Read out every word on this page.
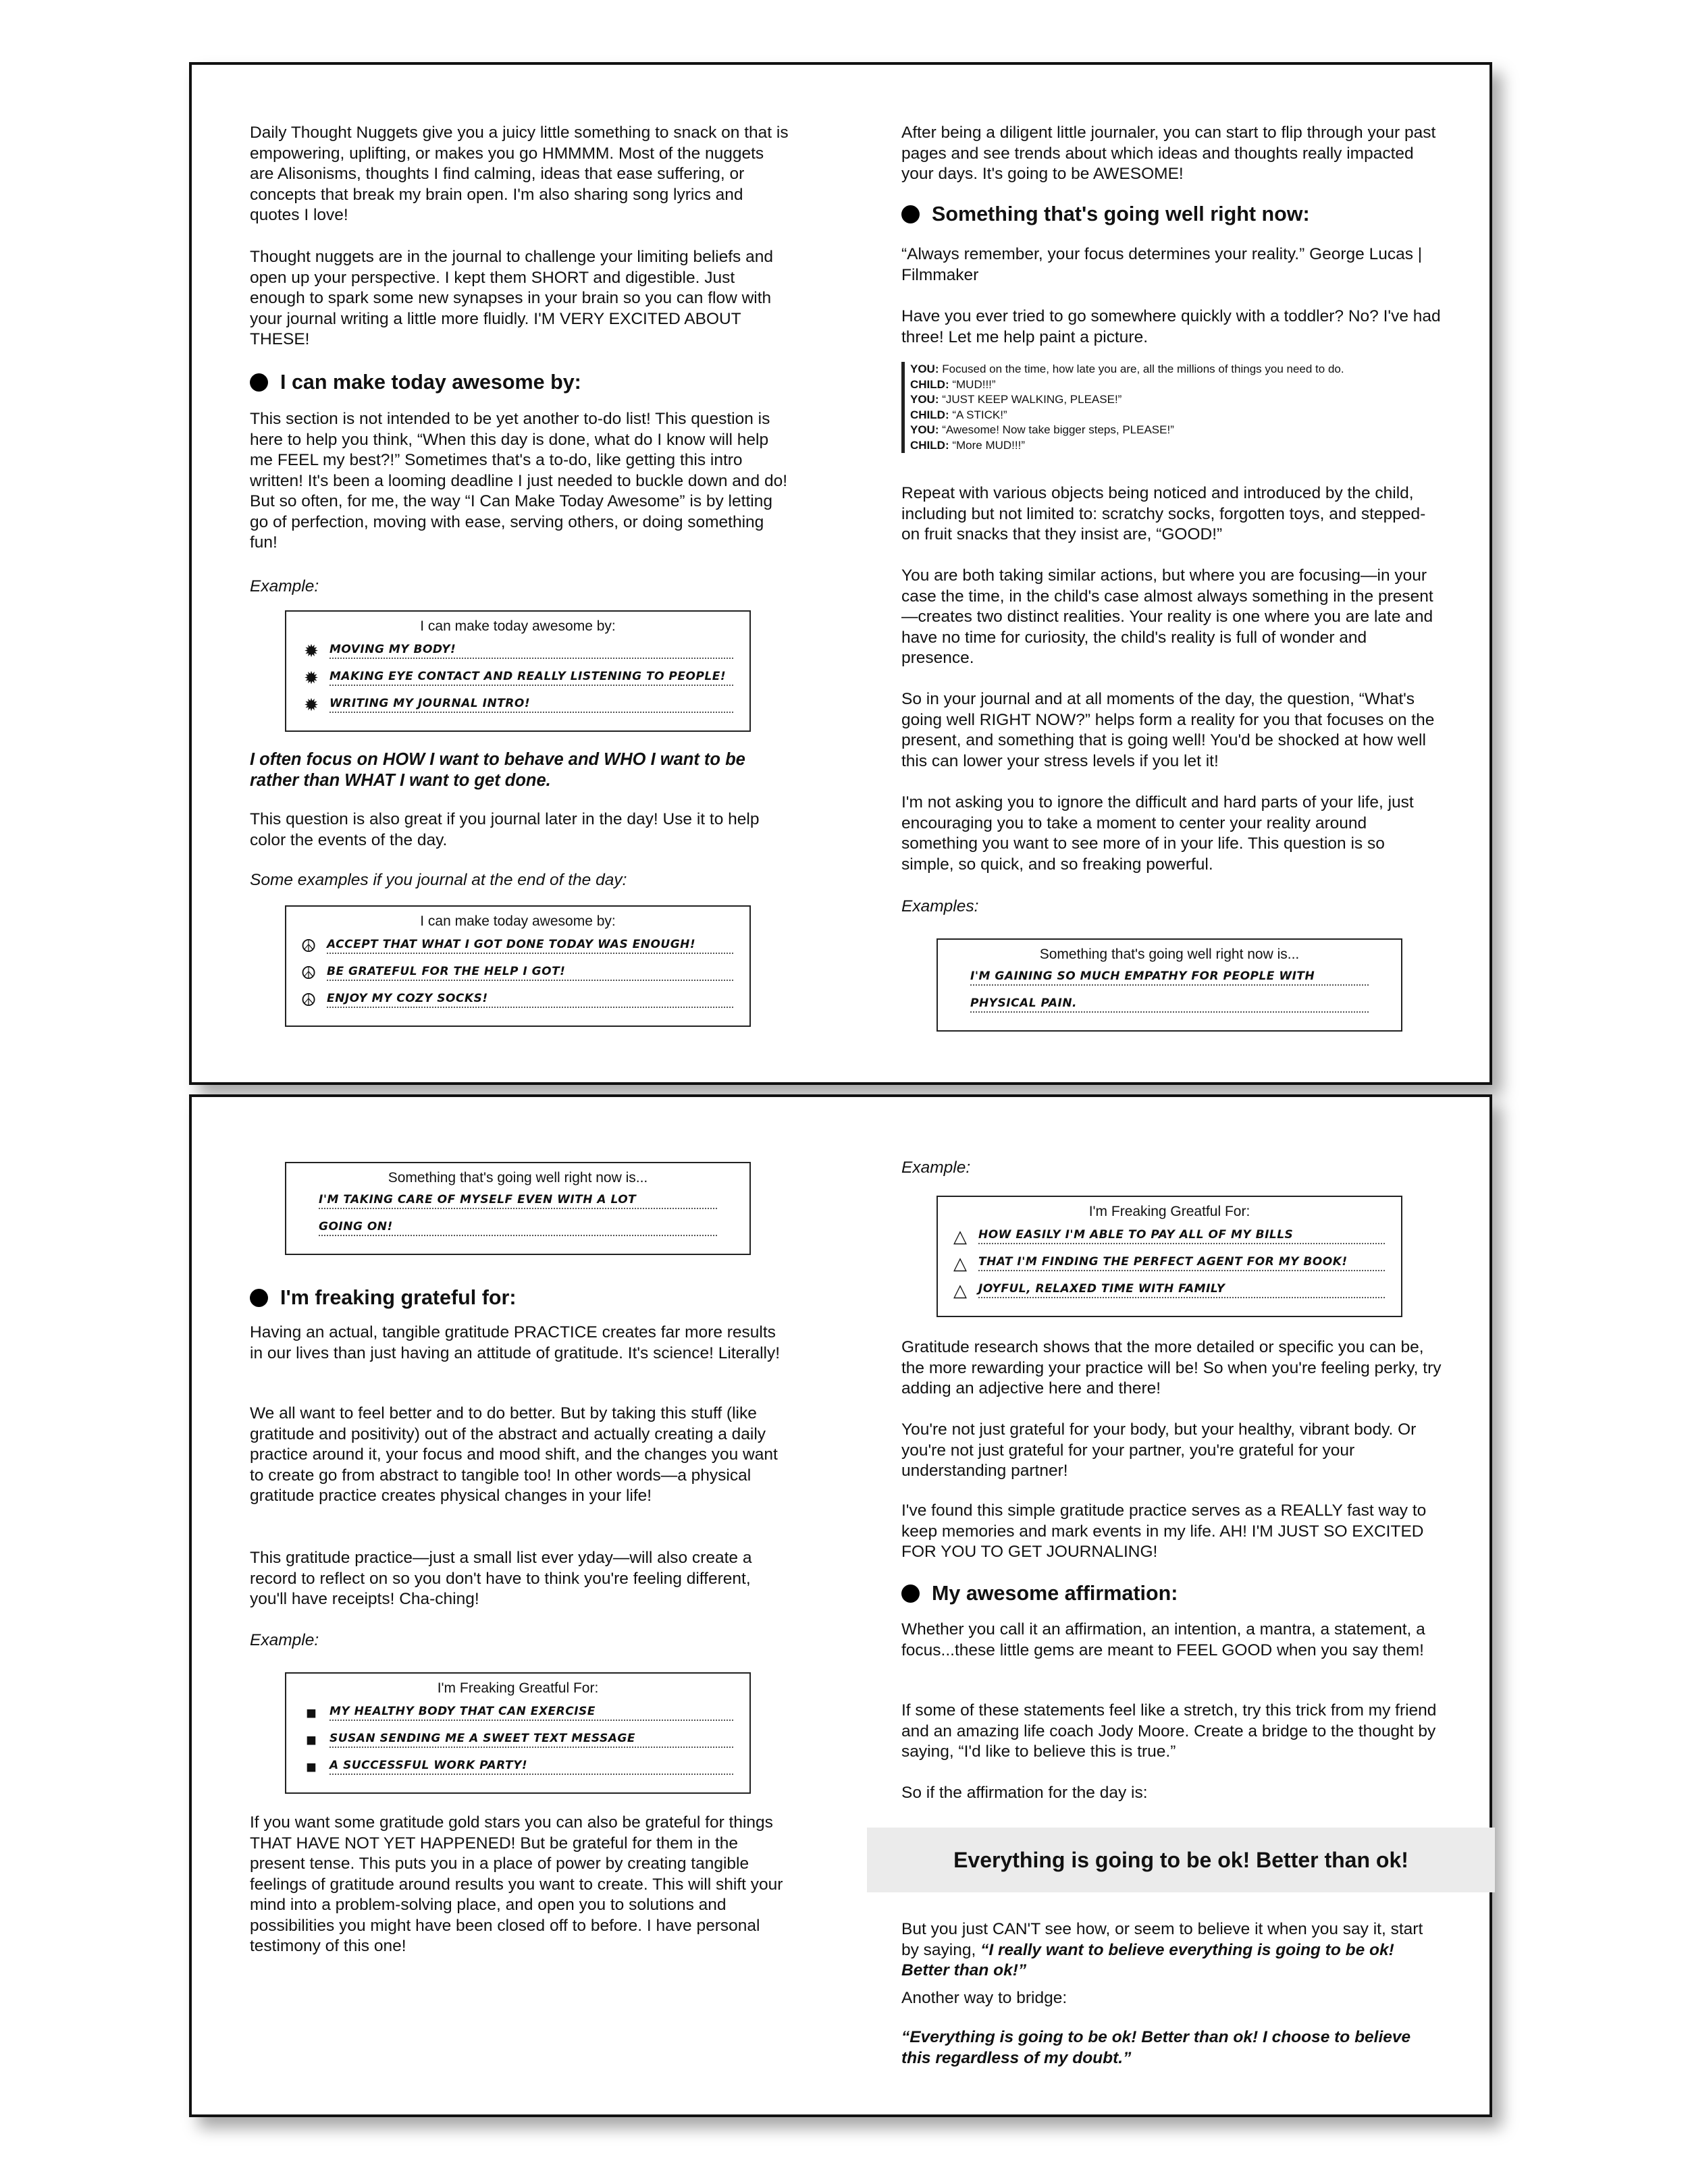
Daily Thought Nuggets give you a juicy little something to snack on that is empowering, uplifting, or makes you go HMMMM. Most of the nuggets are Alisonisms, thoughts I find calming, ideas that ease suffering, or concepts that break my brain open. I'm also sharing song lyrics and quotes I love!

Thought nuggets are in the journal to challenge your limiting beliefs and open up your perspective. I kept them SHORT and digestible. Just enough to spark some new synapses in your brain so you can flow with your journal writing a little more fluidly. I'M VERY EXCITED ABOUT THESE!

I can make today awesome by:

This section is not intended to be yet another to-do list! This question is here to help you think, “When this day is done, what do I know will help me FEEL my best?!” Sometimes that's a to-do, like getting this intro written! It's been a looming deadline I just needed to buckle down and do! But so often, for me, the way “I Can Make Today Awesome” is by letting go of perfection, moving with ease, serving others, or doing something fun!

Example:

I can make today awesome by:
✹ MOVING MY BODY!
✹ MAKING EYE CONTACT AND REALLY LISTENING TO PEOPLE!
✹ WRITING MY JOURNAL INTRO!

I often focus on HOW I want to behave and WHO I want to be rather than WHAT I want to get done.

This question is also great if you journal later in the day! Use it to help color the events of the day.

Some examples if you journal at the end of the day:

I can make today awesome by:
☮ ACCEPT THAT WHAT I GOT DONE TODAY WAS ENOUGH!
☮ BE GRATEFUL FOR THE HELP I GOT!
☮ ENJOY MY COZY SOCKS!

After being a diligent little journaler, you can start to flip through your past pages and see trends about which ideas and thoughts really impacted your days. It's going to be AWESOME!

Something that's going well right now:

“Always remember, your focus determines your reality.” George Lucas | Filmmaker

Have you ever tried to go somewhere quickly with a toddler? No? I've had three! Let me help paint a picture.

YOU: Focused on the time, how late you are, all the millions of things you need to do.
CHILD: “MUD!!!”
YOU: “JUST KEEP WALKING, PLEASE!”
CHILD: “A STICK!”
YOU: “Awesome! Now take bigger steps, PLEASE!”
CHILD: “More MUD!!!”

Repeat with various objects being noticed and introduced by the child, including but not limited to: scratchy socks, forgotten toys, and stepped-on fruit snacks that they insist are, “GOOD!”

You are both taking similar actions, but where you are focusing—in your case the time, in the child's case almost always something in the present—creates two distinct realities. Your reality is one where you are late and have no time for curiosity, the child's reality is full of wonder and presence.

So in your journal and at all moments of the day, the question, “What's going well RIGHT NOW?” helps form a reality for you that focuses on the present, and something that is going well! You'd be shocked at how well this can lower your stress levels if you let it!

I'm not asking you to ignore the difficult and hard parts of your life, just encouraging you to take a moment to center your reality around something you want to see more of in your life. This question is so simple, so quick, and so freaking powerful.

Examples:

Something that's going well right now is...
I'M GAINING SO MUCH EMPATHY FOR PEOPLE WITH
PHYSICAL PAIN.
Something that's going well right now is...
I'M TAKING CARE OF MYSELF EVEN WITH A LOT
GOING ON!
I'm freaking grateful for:

Having an actual, tangible gratitude PRACTICE creates far more results in our lives than just having an attitude of gratitude. It's science! Literally!

We all want to feel better and to do better. But by taking this stuff (like gratitude and positivity) out of the abstract and actually creating a daily practice around it, your focus and mood shift, and the changes you want to create go from abstract to tangible too! In other words—a physical gratitude practice creates physical changes in your life!

This gratitude practice—just a small list ever yday—will also create a record to reflect on so you don't have to think you're feeling different, you'll have receipts! Cha-ching!

Example:

I'm Freaking Greatful For:
■	MY HEALTHY BODY THAT CAN EXERCISE
■	SUSAN SENDING ME A SWEET TEXT MESSAGE
■	A SUCCESSFUL WORK PARTY!

If you want some gratitude gold stars you can also be grateful for things THAT HAVE NOT YET HAPPENED! But be grateful for them in the present tense. This puts you in a place of power by creating tangible feelings of gratitude around results you want to create. This will shift your mind into a problem-solving place, and open you to solutions and possibilities you might have been closed off to before. I have personal testimony of this one!

Example:

I'm Freaking Greatful For:
△ HOW EASILY I'M ABLE TO PAY ALL OF MY BILLS
△ THAT I'M FINDING THE PERFECT AGENT FOR MY BOOK!
△ JOYFUL, RELAXED TIME WITH FAMILY

Gratitude research shows that the more detailed or specific you can be, the more rewarding your practice will be! So when you're feeling perky, try adding an adjective here and there!

You're not just grateful for your body, but your healthy, vibrant body. Or you're not just grateful for your partner, you're grateful for your understanding partner!

I've found this simple gratitude practice serves as a REALLY fast way to keep memories and mark events in my life. AH! I'M JUST SO EXCITED FOR YOU TO GET JOURNALING!

My awesome affirmation:

Whether you call it an affirmation, an intention, a mantra, a statement, a focus...these little gems are meant to FEEL GOOD when you say them!

If some of these statements feel like a stretch, try this trick from my friend and an amazing life coach Jody Moore. Create a bridge to the thought by saying, “I'd like to believe this is true.”

So if the affirmation for the day is:

Everything is going to be ok! Better than ok!

But you just CAN'T see how, or seem to believe it when you say it, start by saying, “I really want to believe everything is going to be ok! Better than ok!”

Another way to bridge:

“Everything is going to be ok! Better than ok! I choose to believe this regardless of my doubt.”
